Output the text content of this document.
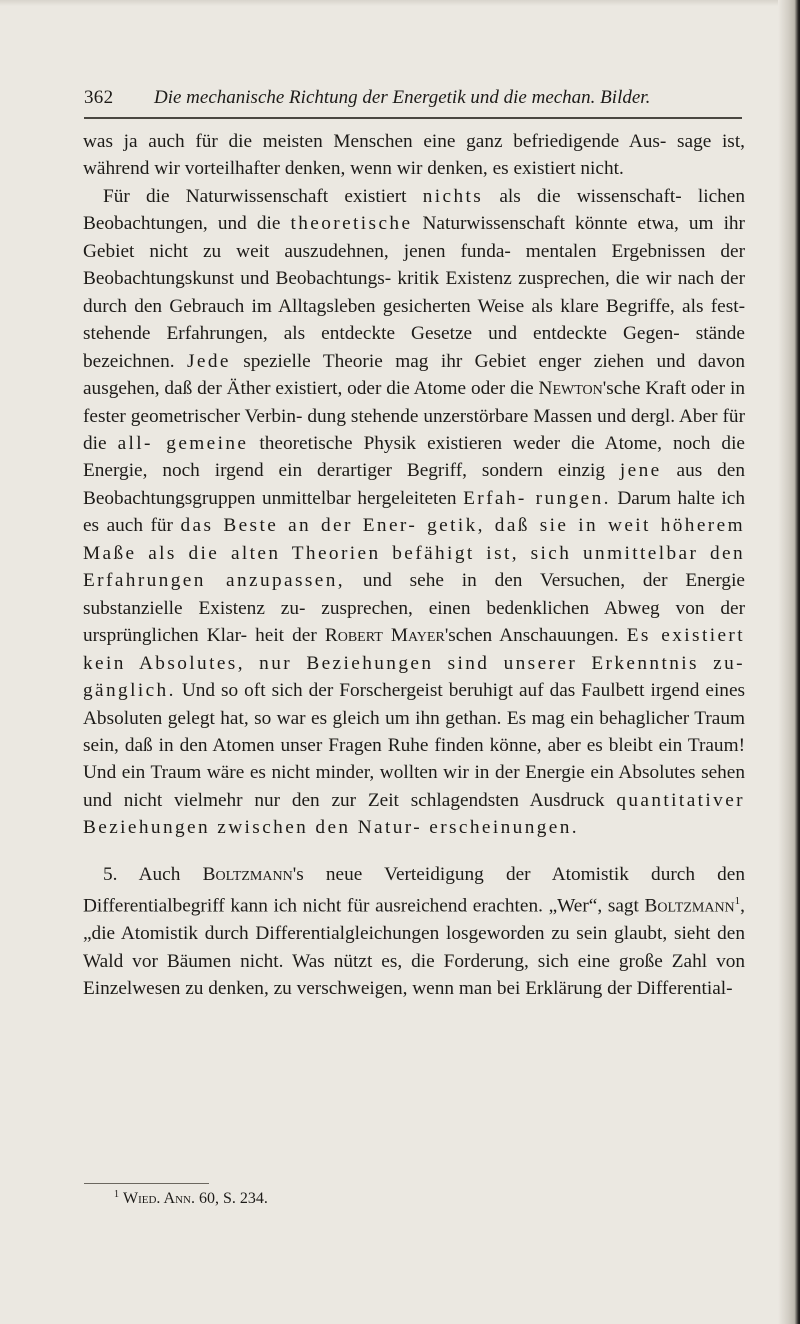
362 Die mechanische Richtung der Energetik und die mechan. Bilder.

was ja auch für die meisten Menschen eine ganz befriedigende Aus- sage ist, während wir vorteilhafter denken, wenn wir denken, es existiert nicht.

Für die Naturwissenschaft existiert nichts als die wissenschaft- lichen Beobachtungen, und die theoretische Naturwissenschaft könnte etwa, um ihr Gebiet nicht zu weit auszudehnen, jenen funda- mentalen Ergebnissen der Beobachtungskunst und Beobachtungs- kritik Existenz zusprechen, die wir nach der durch den Gebrauch im Alltagsleben gesicherten Weise als klare Begriffe, als fest- stehende Erfahrungen, als entdeckte Gesetze und entdeckte Gegen- stände bezeichnen. Jede spezielle Theorie mag ihr Gebiet enger ziehen und davon ausgehen, daß der Äther existiert, oder die Atome oder die Newton'sche Kraft oder in fester geometrischer Verbin- dung stehende unzerstörbare Massen und dergl. Aber für die all- gemeine theoretische Physik existieren weder die Atome, noch die Energie, noch irgend ein derartiger Begriff, sondern einzig jene aus den Beobachtungsgruppen unmittelbar hergeleiteten Erfah- rungen. Darum halte ich es auch für das Beste an der Ener- getik, daß sie in weit höherem Maße als die alten Theorien befähigt ist, sich unmittelbar den Erfahrungen anzupassen, und sehe in den Versuchen, der Energie substanzielle Existenz zu- zusprechen, einen bedenklichen Abweg von der ursprünglichen Klar- heit der Robert Mayer'schen Anschauungen. Es existiert kein Absolutes, nur Beziehungen sind unserer Erkenntnis zu- gänglich. Und so oft sich der Forschergeist beruhigt auf das Faulbett irgend eines Absoluten gelegt hat, so war es gleich um ihn gethan. Es mag ein behaglicher Traum sein, daß in den Atomen unser Fragen Ruhe finden könne, aber es bleibt ein Traum! Und ein Traum wäre es nicht minder, wollten wir in der Energie ein Absolutes sehen und nicht vielmehr nur den zur Zeit schlagendsten Ausdruck quantitativer Beziehungen zwischen den Natur- erscheinungen.

5. Auch Boltzmann's neue Verteidigung der Atomistik durch den Differentialbegriff kann ich nicht für ausreichend erachten. „Wer“, sagt Boltzmann$^1$, „die Atomistik durch Differentialgleichungen losgeworden zu sein glaubt, sieht den Wald vor Bäumen nicht. Was nützt es, die Forderung, sich eine große Zahl von Einzelwesen zu denken, zu verschweigen, wenn man bei Erklärung der Differential-

$^1$ Wied. Ann. 60, S. 234.
